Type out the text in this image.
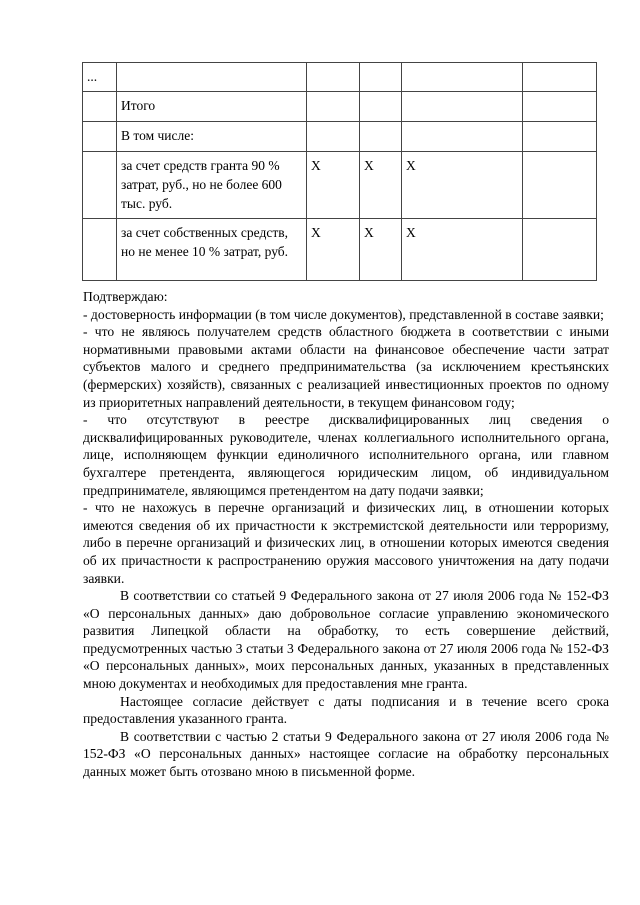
...					
	Итого				
	В том числе:				
	за счет средств гранта 90 % затрат, руб., но не более 600 тыс. руб.	Х	Х	Х	
	за счет собственных средств, но не менее 10 % затрат, руб.	Х	Х	Х	

Подтверждаю:

- достоверность информации (в том числе документов), представленной в составе заявки;

- что не являюсь получателем средств областного бюджета в соответствии с иными нормативными правовыми актами области на финансовое обеспечение части затрат субъектов малого и среднего предпринимательства (за исключением крестьянских (фермерских) хозяйств), связанных с реализацией инвестиционных проектов по одному из приоритетных направлений деятельности, в текущем финансовом году;

- что отсутствуют в реестре дисквалифицированных лиц сведения о дисквалифицированных руководителе, членах коллегиального исполнительного органа, лице, исполняющем функции единоличного исполнительного органа, или главном бухгалтере претендента, являющегося юридическим лицом, об индивидуальном предпринимателе, являющимся претендентом на дату подачи заявки;

- что не нахожусь в перечне организаций и физических лиц, в отношении которых имеются сведения об их причастности к экстремистской деятельности или терроризму, либо в перечне организаций и физических лиц, в отношении которых имеются сведения об их причастности к распространению оружия массового уничтожения на дату подачи заявки.

В соответствии со статьей 9 Федерального закона от 27 июля 2006 года № 152-ФЗ «О персональных данных» даю добровольное согласие управлению экономического развития Липецкой области на обработку, то есть совершение действий, предусмотренных частью 3 статьи 3 Федерального закона от 27 июля 2006 года № 152-ФЗ «О персональных данных», моих персональных данных, указанных в представленных мною документах и необходимых для предоставления мне гранта.

Настоящее согласие действует с даты подписания и в течение всего срока предоставления указанного гранта.

В соответствии с частью 2 статьи 9 Федерального закона от 27 июля 2006 года № 152-ФЗ «О персональных данных» настоящее согласие на обработку персональных данных может быть отозвано мною в письменной форме.
